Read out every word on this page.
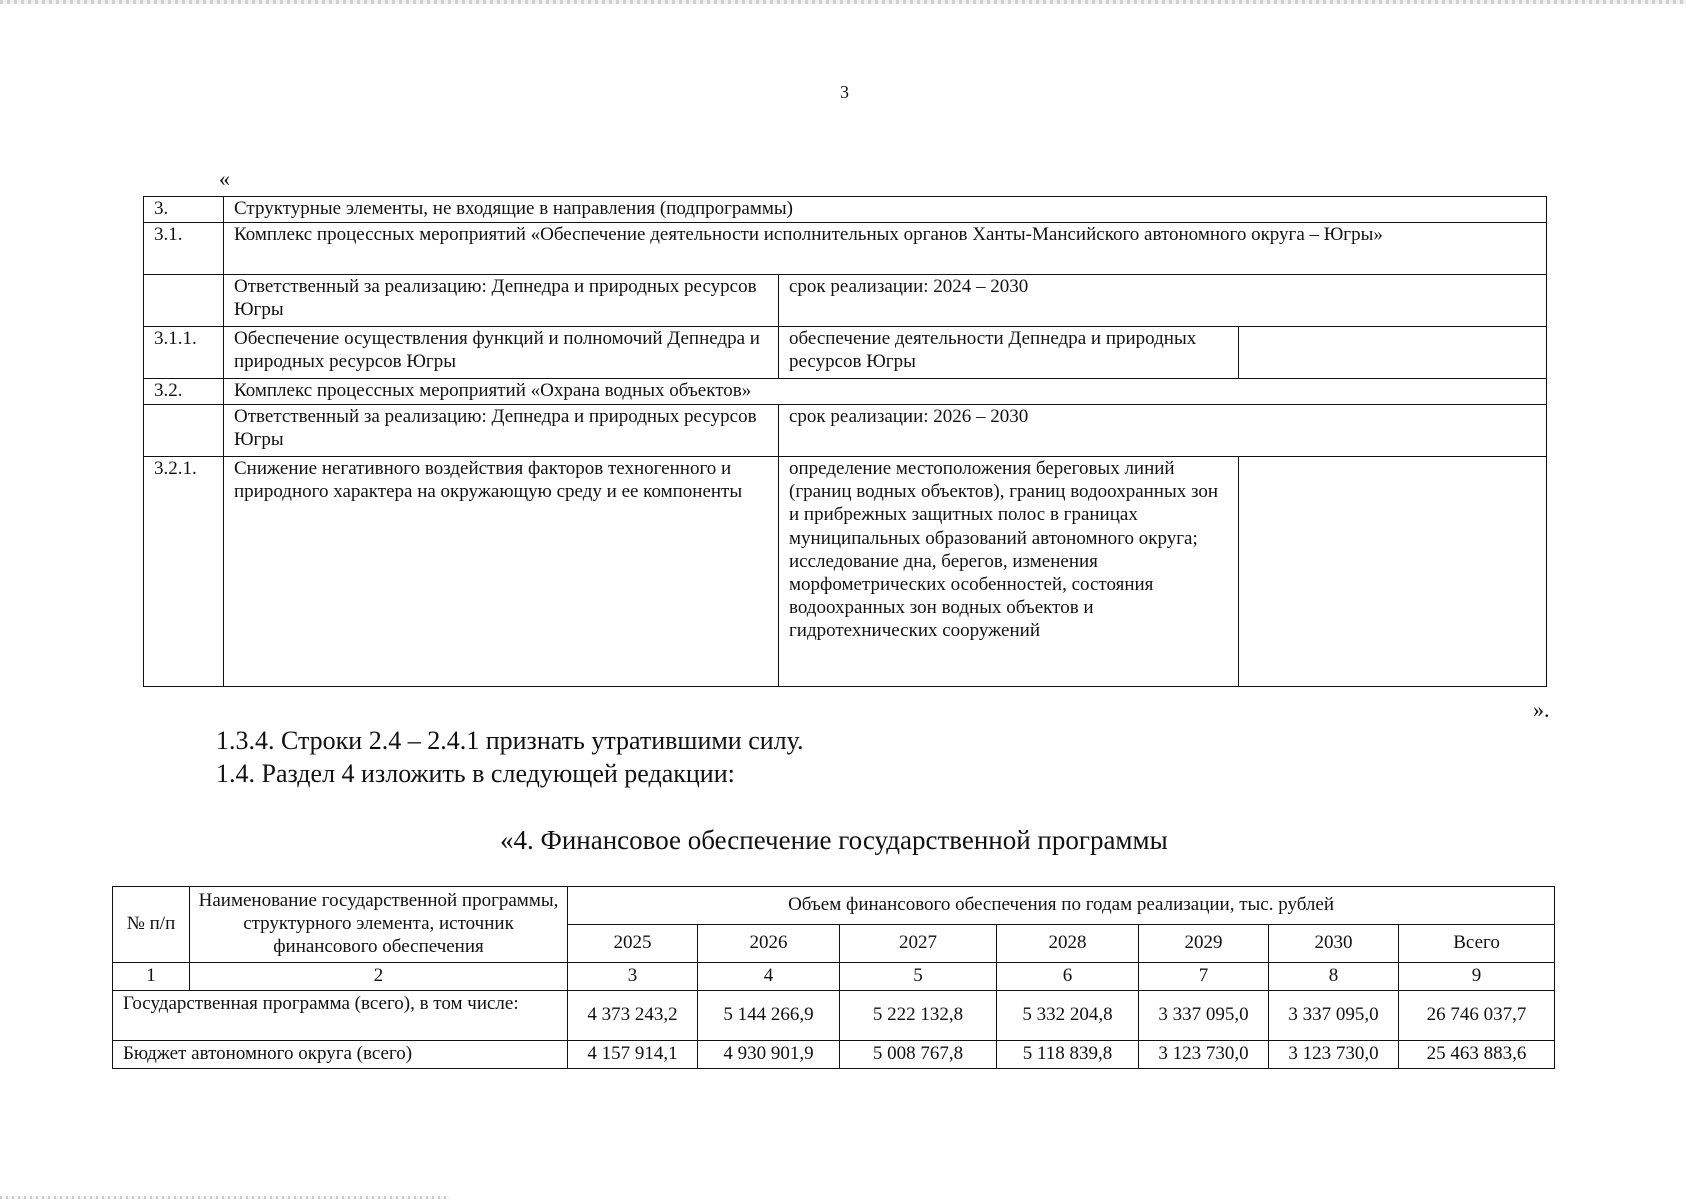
3
«
3.	Структурные элементы, не входящие в направления (подпрограммы)		
3.1.	Комплекс процессных мероприятий «Обеспечение деятельности исполнительных органов Ханты-Мансийского автономного округа – Югры»		
	Ответственный за реализацию: Депнедра и природных ресурсов Югры	срок реализации: 2024 – 2030	
3.1.1.	Обеспечение осуществления функций и полномочий Депнедра и природных ресурсов Югры	обеспечение деятельности Депнедра и природных ресурсов Югры	
3.2.	Комплекс процессных мероприятий «Охрана водных объектов»		
	Ответственный за реализацию: Депнедра и природных ресурсов Югры	срок реализации: 2026 – 2030	
3.2.1.	Снижение негативного воздействия факторов техногенного и природного характера на окружающую среду и ее компоненты	определение местоположения береговых линий (границ водных объектов), границ водоохранных зон и прибрежных защитных полос в границах муниципальных образований автономного округа; исследование дна, берегов, изменения морфометрических особенностей, состояния водоохранных зон водных объектов и гидротехнических сооружений	
».
1.3.4. Строки 2.4 – 2.4.1 признать утратившими силу.
1.4. Раздел 4 изложить в следующей редакции:
«4. Финансовое обеспечение государственной программы
№ п/п	Наименование государственной программы, структурного элемента, источник финансового обеспечения	Объем финансового обеспечения по годам реализации, тыс. рублей						
		2025	2026	2027	2028	2029	2030	Всего
1	2	3	4	5	6	7	8	9
Государственная программа (всего), в том числе:		4 373 243,2	5 144 266,9	5 222 132,8	5 332 204,8	3 337 095,0	3 337 095,0	26 746 037,7
Бюджет автономного округа (всего)		4 157 914,1	4 930 901,9	5 008 767,8	5 118 839,8	3 123 730,0	3 123 730,0	25 463 883,6
